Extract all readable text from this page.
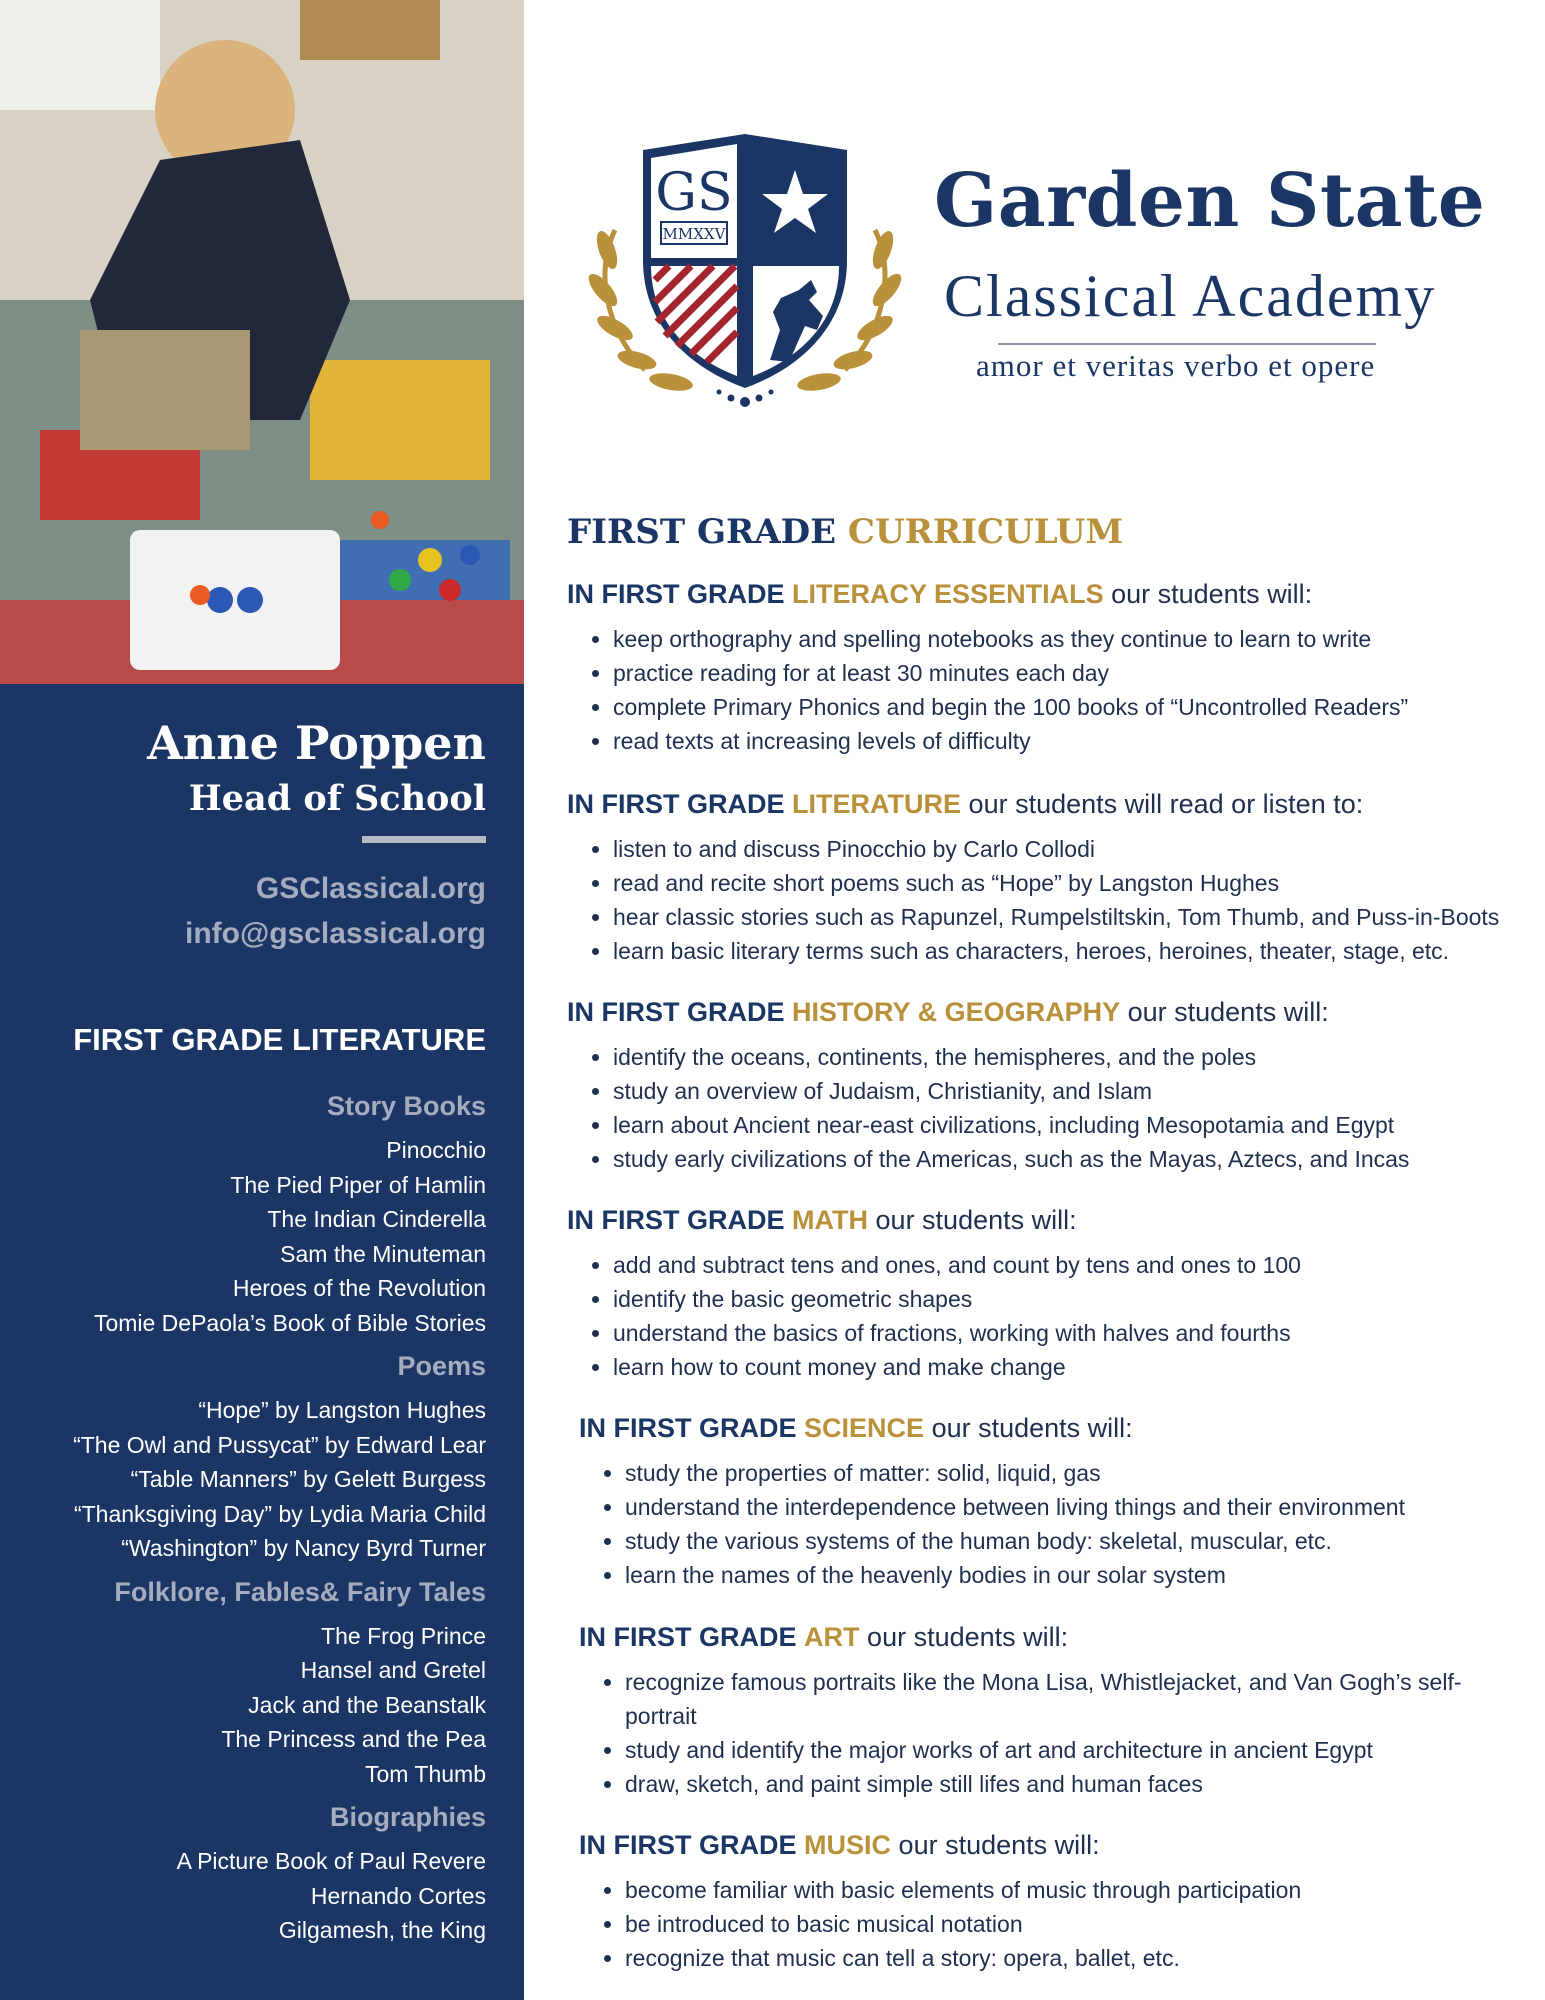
Anne Poppen
Head of School
GSClassical.org
info@gsclassical.org
FIRST GRADE LITERATURE
Story Books
Pinocchio
The Pied Piper of Hamlin
The Indian Cinderella
Sam the Minuteman
Heroes of the Revolution
Tomie DePaola’s Book of Bible Stories
Poems
“Hope” by Langston Hughes
“The Owl and Pussycat” by Edward Lear
“Table Manners” by Gelett Burgess
“Thanksgiving Day” by Lydia Maria Child
“Washington” by Nancy Byrd Turner
Folklore, Fables& Fairy Tales
The Frog Prince
Hansel and Gretel
Jack and the Beanstalk
The Princess and the Pea
Tom Thumb
Biographies
A Picture Book of Paul Revere
Hernando Cortes
Gilgamesh, the King
GS
MMXXV	Garden State
Classical Academy
amor et veritas verbo et opere
FIRST GRADE CURRICULUM
IN FIRST GRADE LITERACY ESSENTIALS our students will:
• keep orthography and spelling notebooks as they continue to learn to write
• practice reading for at least 30 minutes each day
• complete Primary Phonics and begin the 100 books of “Uncontrolled Readers”
• read texts at increasing levels of difficulty
IN FIRST GRADE LITERATURE our students will read or listen to:
• listen to and discuss Pinocchio by Carlo Collodi
• read and recite short poems such as “Hope” by Langston Hughes
• hear classic stories such as Rapunzel, Rumpelstiltskin, Tom Thumb, and Puss-in-Boots
• learn basic literary terms such as characters, heroes, heroines, theater, stage, etc.
IN FIRST GRADE HISTORY & GEOGRAPHY our students will:
• identify the oceans, continents, the hemispheres, and the poles
• study an overview of Judaism, Christianity, and Islam
• learn about Ancient near-east civilizations, including Mesopotamia and Egypt
• study early civilizations of the Americas, such as the Mayas, Aztecs, and Incas
IN FIRST GRADE MATH our students will:
• add and subtract tens and ones, and count by tens and ones to 100
• identify the basic geometric shapes
• understand the basics of fractions, working with halves and fourths
• learn how to count money and make change
IN FIRST GRADE SCIENCE our students will:
• study the properties of matter: solid, liquid, gas
• understand the interdependence between living things and their environment
• study the various systems of the human body: skeletal, muscular, etc.
• learn the names of the heavenly bodies in our solar system
IN FIRST GRADE ART our students will:
• recognize famous portraits like the Mona Lisa, Whistlejacket, and Van Gogh’s self-portrait
• study and identify the major works of art and architecture in ancient Egypt
• draw, sketch, and paint simple still lifes and human faces
IN FIRST GRADE MUSIC our students will:
• become familiar with basic elements of music through participation
• be introduced to basic musical notation
• recognize that music can tell a story: opera, ballet, etc.
